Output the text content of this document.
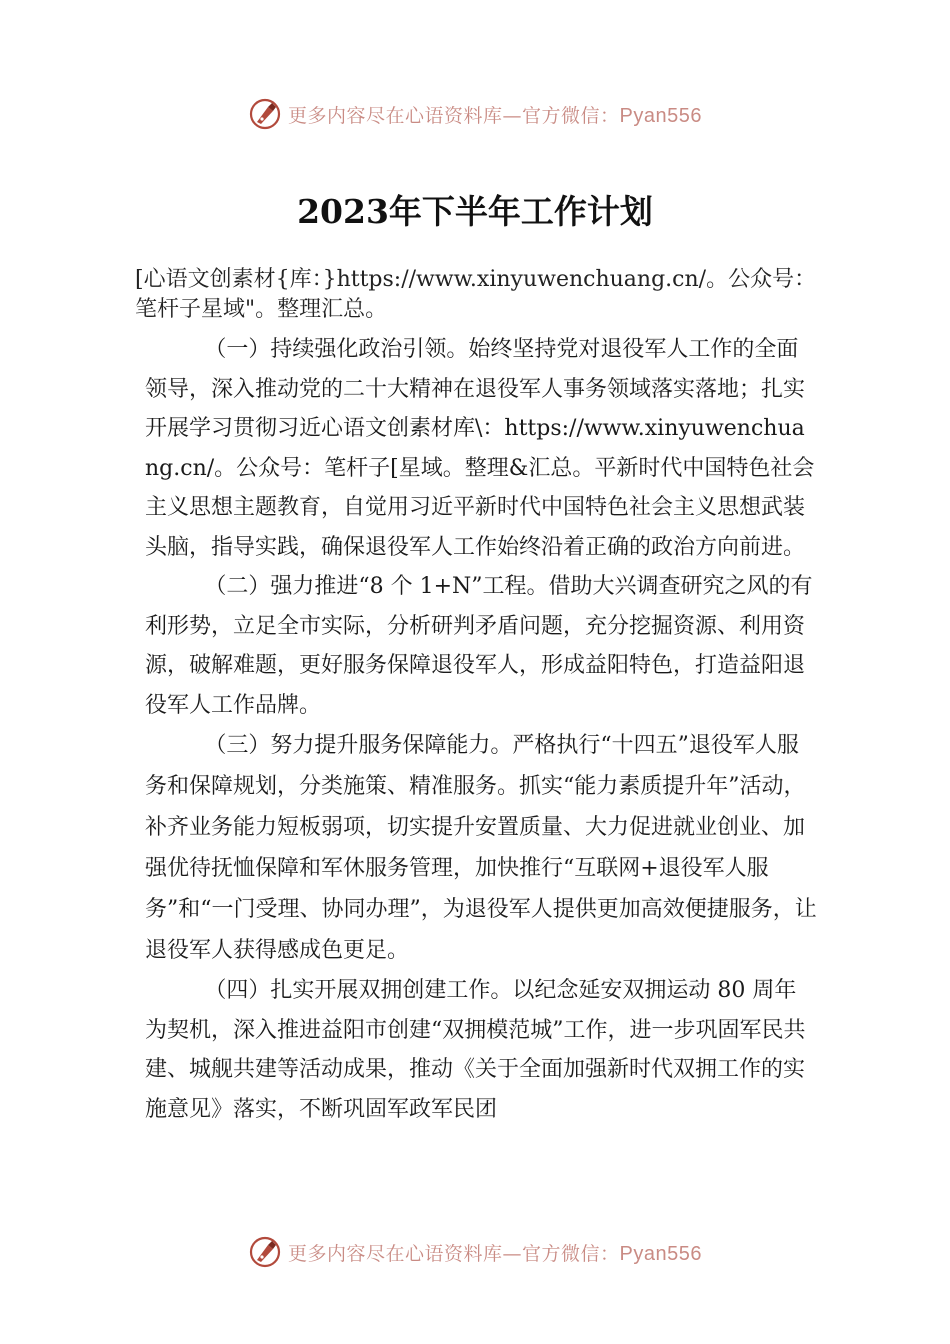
更多内容尽在心语资料库—官方微信：Pyan556
2023年下半年工作计划
[心语文创素材{库：}https://www.xinyuwenchuang.cn/。公众号：笔杆子星域"。整理汇总。

（一）持续强化政治引领。始终坚持党对退役军人工作的全面领导，深入推动党的二十大精神在退役军人事务领域落实落地；扎实开展学习贯彻习近心语文创素材库\：https://www.xinyuwenchuang.cn/。公众号：笔杆子[星域。整理&汇总。平新时代中国特色社会主义思想主题教育，自觉用习近平新时代中国特色社会主义思想武装头脑，指导实践，确保退役军人工作始终沿着正确的政治方向前进。

（二）强力推进“8 个 1+N”工程。借助大兴调查研究之风的有利形势，立足全市实际，分析研判矛盾问题，充分挖掘资源、利用资源，破解难题，更好服务保障退役军人，形成益阳特色，打造益阳退役军人工作品牌。

（三）努力提升服务保障能力。严格执行“十四五”退役军人服务和保障规划，分类施策、精准服务。抓实“能力素质提升年”活动，补齐业务能力短板弱项，切实提升安置质量、大力促进就业创业、加强优待抚恤保障和军休服务管理，加快推行“互联网+退役军人服务”和“一门受理、协同办理”，为退役军人提供更加高效便捷服务，让退役军人获得感成色更足。

（四）扎实开展双拥创建工作。以纪念延安双拥运动 80 周年为契机，深入推进益阳市创建“双拥模范城”工作，进一步巩固军民共建、城舰共建等活动成果，推动《关于全面加强新时代双拥工作的实施意见》落实，不断巩固军政军民团

更多内容尽在心语资料库—官方微信：Pyan556
